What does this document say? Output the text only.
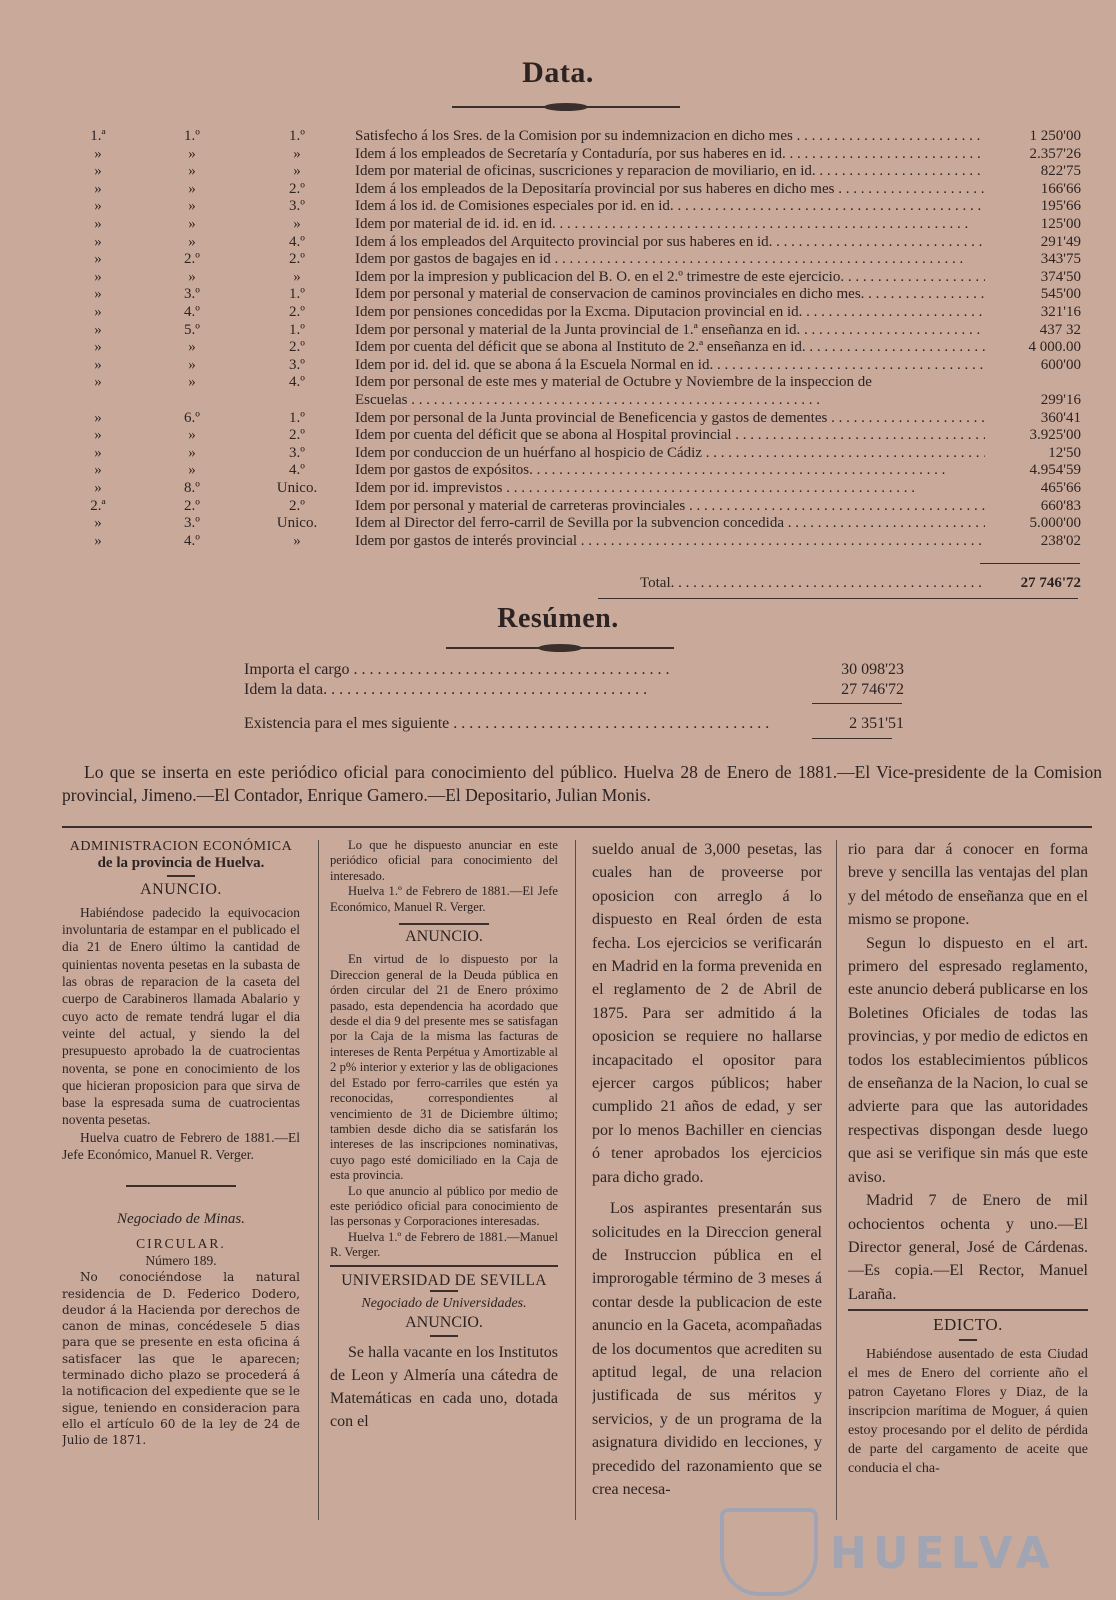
Data.
1.ª	1.º	1.º	Satisfecho á los Sres. de la Comision por su indemnizacion en dicho mes . . .	1 250'00
»	»	»	Idem á los empleados de Secretaría y Contaduría, por sus haberes en id. . . .	2.357'26
»	»	»	Idem por material de oficinas, suscriciones y reparacion de moviliario, en id. . . .	822'75
»	»	2.º	Idem á los empleados de la Depositaría provincial por sus haberes en dicho mes . . .	166'66
»	»	3.º	Idem á los id. de Comisiones especiales por id. en id. . . .	195'66
»	»	»	Idem por material de id. id. en id. . . .	125'00
»	»	4.º	Idem á los empleados del Arquitecto provincial por sus haberes en id. . . .	291'49
»	2.º	2.º	Idem por gastos de bagajes en id . . .	343'75
»	»	»	Idem por la impresion y publicacion del B. O. en el 2.º trimestre de este ejercicio. . . .	374'50
»	3.º	1.º	Idem por personal y material de conservacion de caminos provinciales en dicho mes. . . .	545'00
»	4.º	2.º	Idem por pensiones concedidas por la Excma. Diputacion provincial en id. . . .	321'16
»	5.º	1.º	Idem por personal y material de la Junta provincial de 1.ª enseñanza en id. . . .	437 32
»	»	2.º	Idem por cuenta del déficit que se abona al Instituto de 2.ª enseñanza en id. . . .	4 000.00
»	»	3.º	Idem por id. del id. que se abona á la Escuela Normal en id. . . .	600'00
»	»	4.º	Idem por personal de este mes y material de Octubre y Noviembre de la inspeccion de
Escuelas . . .	299'16
»	6.º	1.º	Idem por personal de la Junta provincial de Beneficencia y gastos de dementes . . .	360'41
»	»	2.º	Idem por cuenta del déficit que se abona al Hospital provincial . . .	3.925'00
»	»	3.º	Idem por conduccion de un huérfano al hospicio de Cádiz . . .	12'50
»	»	4.º	Idem por gastos de expósitos. . . .	4.954'59
»	8.º	Unico.	Idem por id. imprevistos . . .	465'66
2.ª	2.º	2.º	Idem por personal y material de carreteras provinciales . . .	660'83
»	3.º	Unico.	Idem al Director del ferro-carril de Sevilla por la subvencion concedida . . .	5.000'00
»	4.º	»	Idem por gastos de interés provincial . . .	238'02
Total. . . .	27 746'72
Resúmen.
Importa el cargo . . .	30 098'23
Idem la data. . . .	27 746'72
Existencia para el mes siguiente . . .	2 351'51

Lo que se inserta en este periódico oficial para conocimiento del público. Huelva 28 de Enero de 1881.—El Vice-presidente de la Comision provincial, Jimeno.—El Contador, Enrique Gamero.—El Depositario, Julian Monis.

ADMINISTRACION ECONÓMICA

de la provincia de Huelva.

ANUNCIO.

Habiéndose padecido la equivocacion involuntaria de estampar en el publicado el dia 21 de Enero último la cantidad de quinientas noventa pesetas en la subasta de las obras de reparacion de la caseta del cuerpo de Carabineros llamada Abalario y cuyo acto de remate tendrá lugar el dia veinte del actual, y siendo la del presupuesto aprobado la de cuatrocientas noventa, se pone en conocimiento de los que hicieran proposicion para que sirva de base la espresada suma de cuatrocientas noventa pesetas.

Huelva cuatro de Febrero de 1881.—El Jefe Económico, Manuel R. Verger.

Negociado de Minas.

CIRCULAR.

Número 189.

No conociéndose la natural residencia de D. Federico Dodero, deudor á la Hacienda por derechos de canon de minas, concédesele 5 dias para que se presente en esta oficina á satisfacer las que le aparecen; terminado dicho plazo se procederá á la notificacion del expediente que se le sigue, teniendo en consideracion para ello el artículo 60 de la ley de 24 de Julio de 1871.

Lo que he dispuesto anunciar en este periódico oficial para conocimiento del interesado.

Huelva 1.º de Febrero de 1881.—El Jefe Económico, Manuel R. Verger.

ANUNCIO.

En virtud de lo dispuesto por la Direccion general de la Deuda pública en órden circular del 21 de Enero próximo pasado, esta dependencia ha acordado que desde el dia 9 del presente mes se satisfagan por la Caja de la misma las facturas de intereses de Renta Perpétua y Amortizable al 2 p% interior y exterior y las de obligaciones del Estado por ferro-carriles que estén ya reconocidas, correspondientes al vencimiento de 31 de Diciembre último; tambien desde dicho dia se satisfarán los intereses de las inscripciones nominativas, cuyo pago esté domiciliado en la Caja de esta provincia.

Lo que anuncio al público por medio de este periódico oficial para conocimiento de las personas y Corporaciones interesadas.

Huelva 1.º de Febrero de 1881.—Manuel R. Verger.

UNIVERSIDAD DE SEVILLA

Negociado de Universidades.

ANUNCIO.

Se halla vacante en los Institutos de Leon y Almería una cátedra de Matemáticas en cada uno, dotada con el

sueldo anual de 3,000 pesetas, las cuales han de proveerse por oposicion con arreglo á lo dispuesto en Real órden de esta fecha. Los ejercicios se verificarán en Madrid en la forma prevenida en el reglamento de 2 de Abril de 1875. Para ser admitido á la oposicion se requiere no hallarse incapacitado el opositor para ejercer cargos públicos; haber cumplido 21 años de edad, y ser por lo menos Bachiller en ciencias ó tener aprobados los ejercicios para dicho grado.

Los aspirantes presentarán sus solicitudes en la Direccion general de Instruccion pública en el improrogable término de 3 meses á contar desde la publicacion de este anuncio en la Gaceta, acompañadas de los documentos que acrediten su aptitud legal, de una relacion justificada de sus méritos y servicios, y de un programa de la asignatura dividido en lecciones, y precedido del razonamiento que se crea necesa-

rio para dar á conocer en forma breve y sencilla las ventajas del plan y del método de enseñanza que en el mismo se propone.

Segun lo dispuesto en el art. primero del espresado reglamento, este anuncio deberá publicarse en los Boletines Oficiales de todas las provincias, y por medio de edictos en todos los establecimientos públicos de enseñanza de la Nacion, lo cual se advierte para que las autoridades respectivas dispongan desde luego que asi se verifique sin más que este aviso.

Madrid 7 de Enero de mil ochocientos ochenta y uno.—El Director general, José de Cárdenas.—Es copia.—El Rector, Manuel Laraña.

EDICTO.

Habiéndose ausentado de esta Ciudad el mes de Enero del corriente año el patron Cayetano Flores y Diaz, de la inscripcion marítima de Moguer, á quien estoy procesando por el delito de pérdida de parte del cargamento de aceite que conducia el cha-

HUELVA
